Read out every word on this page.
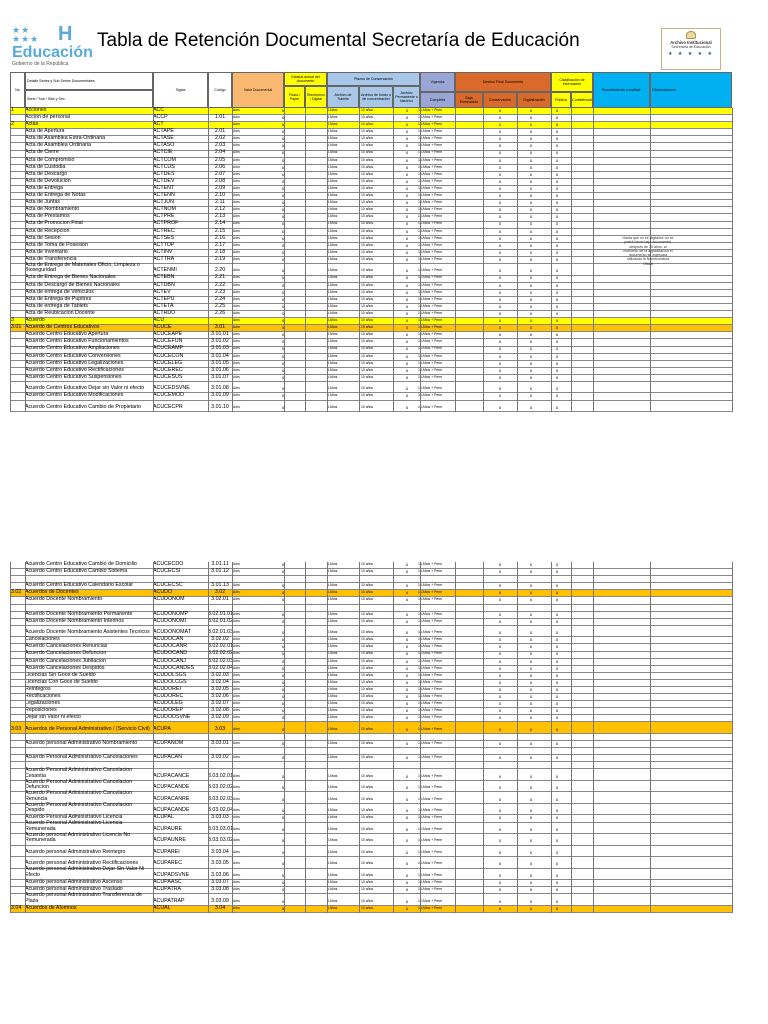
★★
★★★ H
Educación
Gobierno de la República
Tabla de Retención Documental Secretaría de Educación	Archivo Institucional
Secretaría de Educación
★ ★ ★ ★ ★
No
Detalle Series y Sub Series Documentales
Serie / Sub / Sibs y Sec
Siglas	Código	Valor Documental
Estatus actual del documento
Físico / Papel
Electrónico / Digital
Plazos de Conservación
Archivo de Trámite
Archivo de fondo o de concentración
Archivo Permanente o histórico
Vigencia
Completa
Destino Final Documento
Baja Eliminación
Conservación	Digitalización
Clasificación de información
Pública	Confidencial
Procedimiento a realizar.	Observaciones
1	Acciones	ACC	Adm.	x	5 Años	10 años	x	15 Años + Perm	x	x	x
Accion de personal	ACCP	1.01	Adm.	x	5 Años	10 años	x	15 Años + Perm	x	x	x
2	Actas	ACT	Adm.	x	5 Años	10 años	x	15 Años + Perm	x	x	x
Acta de Apertura	ACTAPE	2.01	Adm.	x	5 Años	10 años	x	15 Años + Perm	x	x	x
Acta de Asamblea Extra-Ordinaria	ACTASE	2.02	Adm.	x	5 Años	10 años	x	15 Años + Perm	x	x	x
Acta de Asamblea Ordinaria	ACTASO	2.03	Adm.	x	5 Años	10 años	x	15 Años + Perm	x	x	x
Acta de Cierre	ACTCIE	2.04	Adm.	x	5 Años	10 años	x	15 Años + Perm	x	x	x
Acta de Compromiso	ACTCOM	2.05	Adm.	x	5 Años	10 años	x	15 Años + Perm	x	x	x
Acta de Custodia	ACTCUS	2.06	Adm.	x	5 Años	10 años	x	15 Años + Perm	x	x	x
Acta de Descargo	ACTDES	2.07	Adm.	x	5 Años	10 años	x	15 Años + Perm	x	x	x
Acta de Devolucion	ACTDEV	2.08	Adm.	x	5 Años	10 años	x	15 Años + Perm	x	x	x
Acta de Entrega	ACTENT	2.09	Adm.	x	5 Años	10 años	x	15 Años + Perm	x	x	x
Acta de Entrega de Notas	ACTENN	2.10	Adm.	x	5 Años	10 años	x	15 Años + Perm	x	x	x
Acta de Juntas	ACTJUN	2.11	Adm.	x	5 Años	10 años	x	15 Años + Perm	x	x	x
Acta de Nombramiento	ACTNOM	2.12	Adm.	x	5 Años	10 años	x	15 Años + Perm	x	x	x
Acta de Prestamos	ACTPRE	2.13	Adm.	x	5 Años	10 años	x	15 Años + Perm	x	x	x
Acta de Promocion Final	ACTPROF	2.14	Adm.	x	5 Años	10 años	x	15 Años + Perm	x	x	x
Acta de Recepcion	ACTREC	2.15	Adm.	x	5 Años	10 años	x	15 Años + Perm	x	x	x
Acta de Sesion	ACTSES	2.16	Adm.	x	5 Años	10 años	x	15 Años + Perm	x	x	x
Acta de Toma de Posesion	ACTTOP	2.17	Adm.	x	5 Años	10 años	x	15 Años + Perm	x	x	x
Acta de Inventario	ACTINV	2.18	Adm.	x	5 Años	10 años	x	15 Años + Perm	x	x	x
Acta de Transferencia	ACTTRA	2.19	Adm.	x	5 Años	10 años	x	15 Años + Perm	x	x	x
Acta de Entrega de Materiales Oficin, Limpieza o Bioseguridad	ACTENMI	2.20	Adm.	x	5 Años	10 años	x	15 Años + Perm	x	x	x
Acta de Entrega de Bienes Nacionales	ACTEBN	2.21	Adm.	x	5 Años	10 años	x	15 Años + Perm	x	x	x
Acta de Descargo de Bienes Nacionales	ACTDBN	2.22	Adm.	x	5 Años	10 años	x	15 Años + Perm	x	x	x
Acta de entrega de Vehiculos	ACTEV	2.23	Adm.	x	5 Años	10 años	x	15 Años + Perm	x	x	x
Acta de Entrega de Pupitres	ACTEPU	2.24	Adm.	x	5 Años	10 años	x	15 Años + Perm	x	x	x
Acta de entrega de Tablets	ACTETA	2.25	Adm.	x	5 Años	10 años	x	15 Años + Perm	x	x	x
Acta de Reubicacion Docente	ACTRDO	2.26	Adm.	x	5 Años	10 años	x	15 Años + Perm	x	x	x
3	Acuerdo	ACU	Adm.	x	5 Años	10 años	x	15 Años + Perm	x	x	x
3.01 Acuerdo de Centros Educativos	ACUCE	3.01	Adm.	x	5 Años	10 años	x	15 Años + Perm	x	x	x
Acuerdo Centro Educativo Apertura	ACUCEAPE	3.01.01	Adm.	x	5 Años	10 años	x	15 Años + Perm	x	x	x
Acuerdo Centro Educativo Funcionamientos	ACUCEFUN	3.01.02	Adm.	x	5 Años	10 años	x	15 Años + Perm	x	x	x
Acuerdo Centro Educativo Ampliaciones	ACUCEAMP	3.01.03	Adm.	x	5 Años	10 años	x	15 Años + Perm	x	x	x
Acuerdo Centro Educativo Conversiones	ACUCECON	3.01.04	Adm.	x	5 Años	10 años	x	15 Años + Perm	x	x	x
Acuerdo Centro Educativo Legalizaciones	ACUCELEG	3.01.05	Adm.	x	5 Años	10 años	x	15 Años + Perm	x	x	x
Acuerdo Centro Educativo Rectificaciones	ACUCEREC	3.01.06	Adm.	x	5 Años	10 años	x	15 Años + Perm	x	x	x
Acuerdo Centro Educativo Suspensiones	ACUCESUS	3.01.07	Adm.	x	5 Años	10 años	x	15 Años + Perm	x	x	x
Acuerdo Centro Educativo Dejar sin Valor ni efecto	ACUCEDSVNE	3.01.08	Adm.	x	5 Años	10 años	x	15 Años + Perm	x	x	x
Acuerdo Centro Educativo Modificaciones	ACUCEMOD	3.01.09	Adm.	x	5 Años	10 años	x	15 Años + Perm	x	x	x
Acuerdo Centro Educativo Cambio de Propietario	ACUCECPR	3.01.10	Adm.	x	5 Años	10 años	x	15 Años + Perm	x	x	x
Hasta que no se digitalice no se podrá hacer baja documental, después de 15 años, al momento de la digitalización el documento se ingresara utilizando la Nomenclatura Oficial
Acuerdo Centro Educativo Cambio de Domicilio	ACUCECDO	3.01.11	Adm.	x	5 Años	10 años	x	15 Años + Perm	x	x	x
Acuerdo Centro Educativo Cambio Sistema	ACUCECSI	3.01.12	Adm.	x	5 Años	10 años	x	15 Años + Perm	x	x	x
Acuerdo Centro Educativo Calendario Escolar	ACUCECSC	3.01.13	Adm.	x	5 Años	10 años	x	15 Años + Perm	x	x	x
3.02 Acuerdos de Docentes	ACUDO	3.02	Adm.	x	5 Años	10 años	x	15 Años + Perm	x	x	x
Acuerdo Docente Nombramiento	ACUDONOM	3.02.01	Adm.	x	5 Años	10 años	x	15 Años + Perm	x	x	x
Acuerdo Docente Nombramiento Permanente	ACUDONOMP	3.02.01.01 Adm.	x	5 Años	10 años	x	15 Años + Perm	x	x	x
Acuerdo Docente Nombramiento Interinos	ACUDONOMI	3.02.01.02 Adm.	x	5 Años	10 años	x	15 Años + Perm	x	x	x
Acuerdo Docente Nombramiento Asistentes Tecnicos ACUDONOMAT	3.02.01.03 Adm.	x	5 Años	10 años	x	15 Años + Perm	x	x	x
Cancelaciones	ACUDOCAN	3.02.02	Adm.	x	5 Años	10 años	x	15 Años + Perm	x	x	x
Acuerdo Cancelaciones Renuncias	ACUDOCANR	3.02.02.01 Adm.	x	5 Años	10 años	x	15 Años + Perm	x	x	x
Acuerdo Cancelaciones Defuncion	ACUDOCAND	3.02.02.02 Adm.	x	5 Años	10 años	x	15 Años + Perm	x	x	x
Acuerdo Cancelaciones Jubilacion	ACUDOCANJ	3.02.02.03 Adm.	x	5 Años	10 años	x	15 Años + Perm	x	x	x
Acuerdo Cancelaciones Despidos	ACUDOCANDES	3.02.02.04 Adm.	x	5 Años	10 años	x	15 Años + Perm	x	x	x
Licencias Sin Goce de Sueldo	ACUDOLSGS	3.02.03	Adm.	x	5 Años	10 años	x	15 Años + Perm	x	x	x
Licencias Con Goce de Sueldo	ACUDOLCGS	3.02.04	Adm.	x	5 Años	10 años	x	15 Años + Perm	x	x	x
Reintegros	ACUDOREI	3.02.05	Adm.	x	5 Años	10 años	x	15 Años + Perm	x	x	x
Rectificaciones	ACUDOREC	3.02.06	Adm.	x	5 Años	10 años	x	15 Años + Perm	x	x	x
Legalizaciones	ACUDOLEG	3.02.07	Adm.	x	5 Años	10 años	x	15 Años + Perm	x	x	x
Reposiciones	ACUDOREP	3.02.08	Adm.	x	5 Años	10 años	x	15 Años + Perm	x	x	x
Dejar sin Valor ni efecto	ACUDODSVNE	3.02.09	Adm.	x	5 Años	10 años	x	15 Años + Perm	x	x	x
3.03 Acuerdos de Personal Administrativo / (Servicio Civil) ACUPA	3.03	Adm.	x	5 Años	10 años	x	15 Años + Perm	x	x	x
Acuerdo personal Administrativo Nombramiento	ACUPANOM	3.03.01	Adm.	x	5 Años	10 años	x	15 Años + Perm	x	x	x
Acuerdo Personal Administrativo Cancelaciones	ACUPACAN	3.03.02	Adm.	x	5 Años	10 años	x	15 Años + Perm	x	x	x
Acuerdo Personal Administrativo Cancelacion Cesantia	ACUPACANCE	3.03.02.01 Adm.	x	5 Años	10 años	x	15 Años + Perm	x	x	x
Acuerdo Personal Administrativo Cancelacion Defuncion	ACUPACANDE	3.03.02.02 Adm.	x	5 Años	10 años	x	15 Años + Perm	x	x	x
Acuerdo Personal Administrativo Cancelacion Renuncia	ACUPACANRE	3.03.02.03 Adm.	x	5 Años	10 años	x	15 Años + Perm	x	x	x
Acuerdo Personal Administrativo Cancelacion Despido	ACUPACANDE	3.03.02.04 Adm.	x	5 Años	10 años	x	15 Años + Perm	x	x	x
Acuerdo Personal Administrativo Licencia	ACUPAL	3.03.03	Adm.	x	5 Años	10 años	x	15 Años + Perm	x	x	x
Acuerdo Personal Administrativo Licencia Remunerada	ACUPAURE	3.03.03.01 Adm.	x	5 Años	10 años	x	15 Años + Perm	x	x	x
Acuerdo personal Administrativo Licencia No Remunerada	ACUPAUNRE	3.03.03.02 Adm.	x	5 Años	10 años	x	15 Años + Perm	x	x	x
Acuerdo personal Administrativo Reintegro	ACUPAREI	3.03.04	Adm.	x	5 Años	10 años	x	15 Años + Perm	x	x	x
Acuerdo personal Administrativo Rectificaciones	ACUPAREC	3.03.05	Adm.	x	5 Años	10 años	x	15 Años + Perm	x	x	x
Acuerdo personal Administrativo Dejar Sin Valor Ni Efecto	ACUPADSVNE	3.03.06	Adm.	x	5 Años	10 años	x	15 Años + Perm	x	x	x
Acuerdo personal Administrativo Ascenso	ACUPAASC	3.03.07	Adm.	x	5 Años	10 años	x	15 Años + Perm	x	x	x
Acuerdo personal Administrativo Traslado	ACUPATRA	3.03.08	Adm.	x	5 Años	10 años	x	15 Años + Perm	x	x	x
Acuerdo personal Administrativo Transferencia de Plaza	ACUPATRAP	3.03.09	Adm.	x	5 Años	10 años	x	15 Años + Perm	x	x	x
3.04 Acuerdos de Alumnos	ACUAL	3.04	Adm.	x	5 Años	10 años	x	15 Años + Perm	x	x	x
